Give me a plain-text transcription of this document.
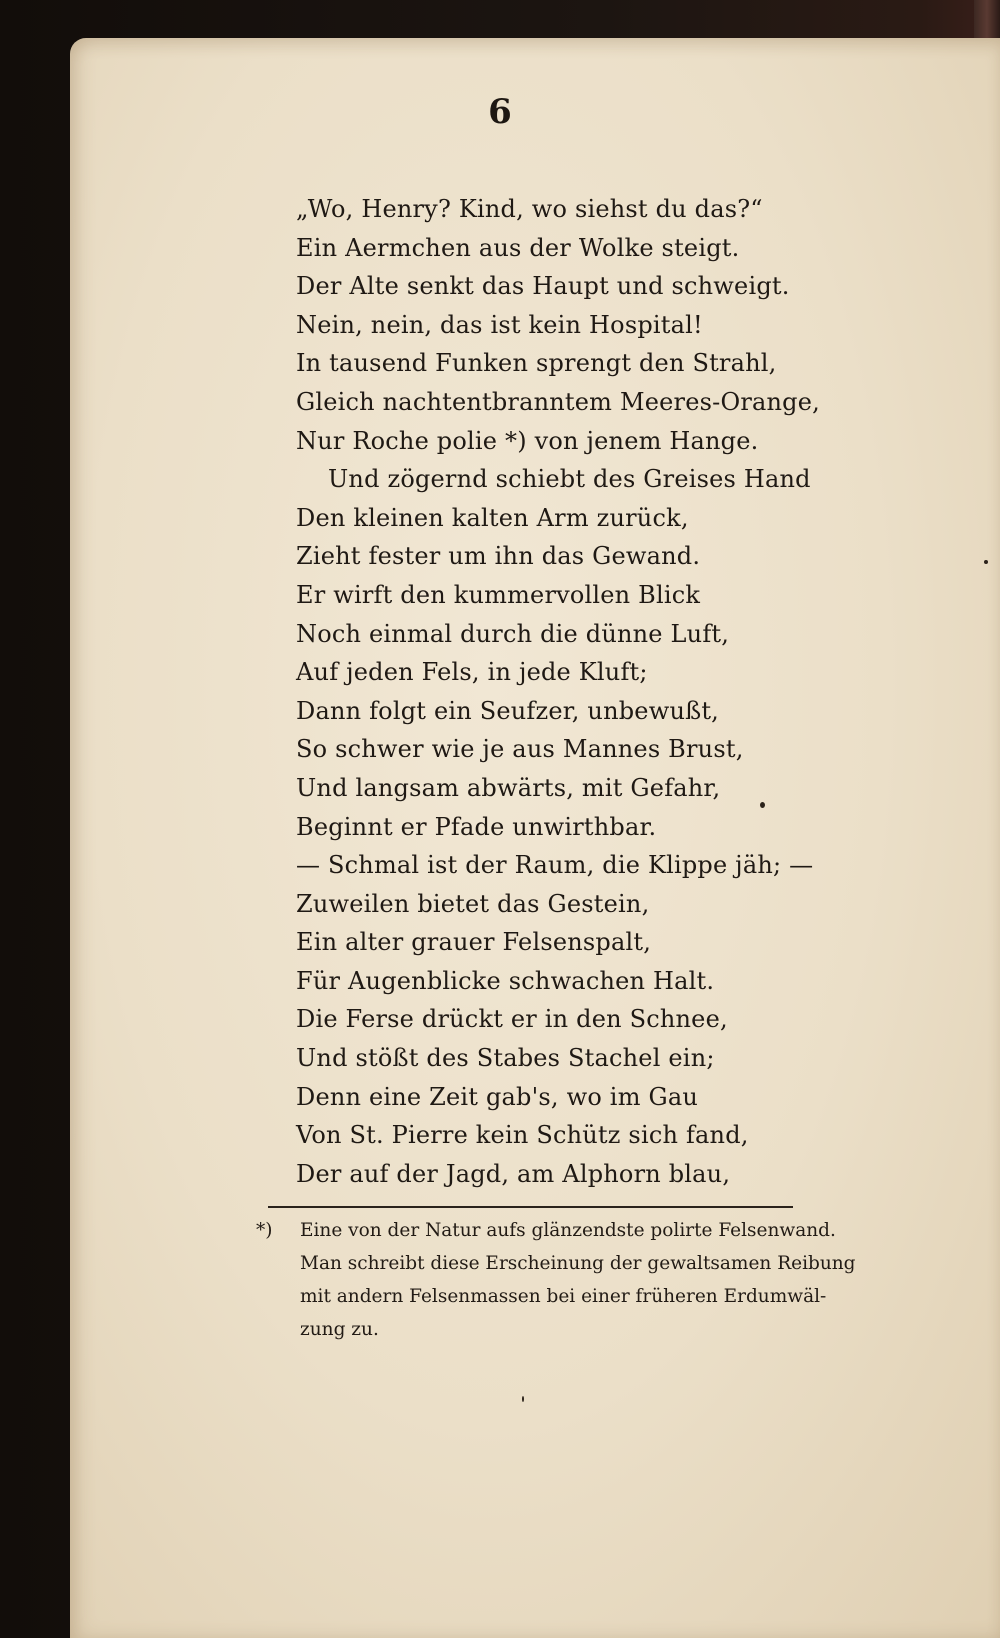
6
„Wo, Henry? Kind, wo siehst du das?“
Ein Aermchen aus der Wolke steigt.
Der Alte senkt das Haupt und schweigt.
Nein, nein, das ist kein Hospital!
In tausend Funken sprengt den Strahl,
Gleich nachtentbranntem Meeres-Orange,
Nur Roche polie *) von jenem Hange.
Und zögernd schiebt des Greises Hand
Den kleinen kalten Arm zurück,
Zieht fester um ihn das Gewand.
Er wirft den kummervollen Blick
Noch einmal durch die dünne Luft,
Auf jeden Fels, in jede Kluft;
Dann folgt ein Seufzer, unbewußt,
So schwer wie je aus Mannes Brust,
Und langsam abwärts, mit Gefahr,
Beginnt er Pfade unwirthbar.
— Schmal ist der Raum, die Klippe jäh; —
Zuweilen bietet das Gestein,
Ein alter grauer Felsenspalt,
Für Augenblicke schwachen Halt.
Die Ferse drückt er in den Schnee,
Und stößt des Stabes Stachel ein;
Denn eine Zeit gab's, wo im Gau
Von St. Pierre kein Schütz sich fand,
Der auf der Jagd, am Alphorn blau,
*) Eine von der Natur aufs glänzendste polirte Felsenwand.
Man schreibt diese Erscheinung der gewaltsamen Reibung
mit andern Felsenmassen bei einer früheren Erdumwäl-
zung zu.
